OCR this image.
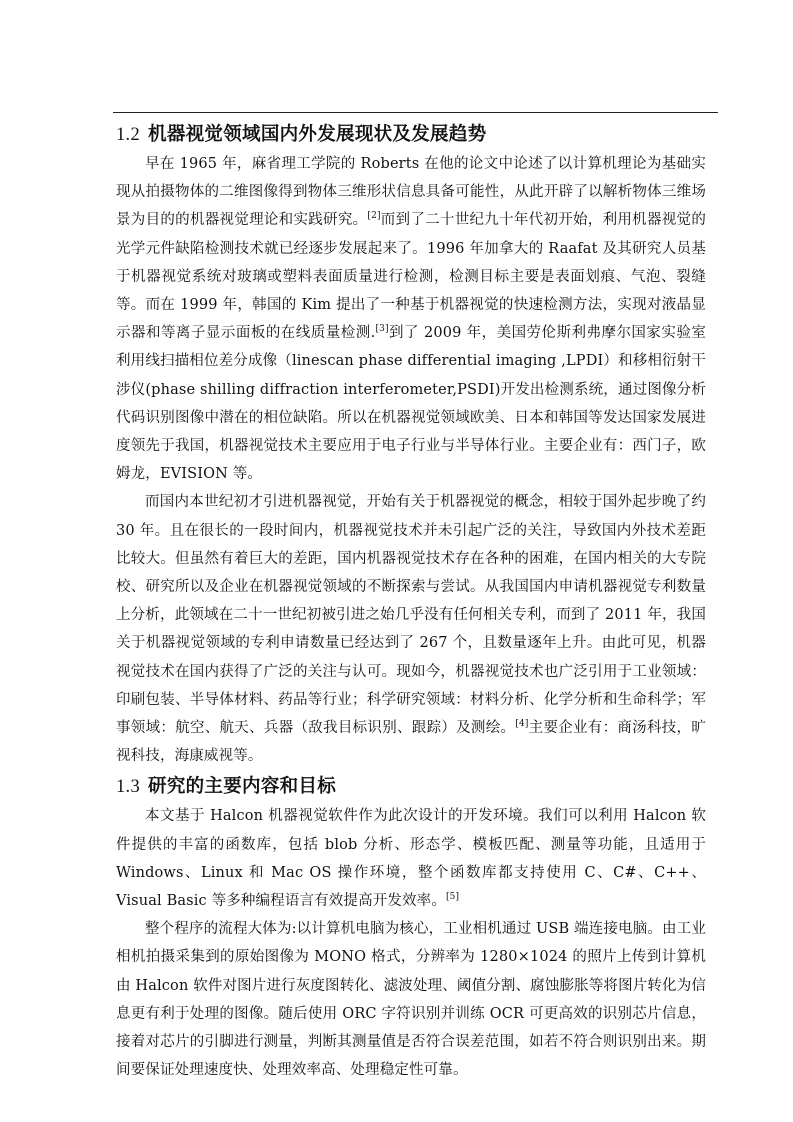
1.2 机器视觉领域国内外发展现状及发展趋势

早在 1965 年，麻省理工学院的 Roberts 在他的论文中论述了以计算机理论为基础实现从拍摄物体的二维图像得到物体三维形状信息具备可能性，从此开辟了以解析物体三维场景为目的的机器视觉理论和实践研究。[2]而到了二十世纪九十年代初开始，利用机器视觉的光学元件缺陷检测技术就已经逐步发展起来了。1996 年加拿大的 Raafat 及其研究人员基于机器视觉系统对玻璃或塑料表面质量进行检测，检测目标主要是表面划痕、气泡、裂缝等。而在 1999 年，韩国的 Kim 提出了一种基于机器视觉的快速检测方法，实现对液晶显示器和等离子显示面板的在线质量检测.[3]到了 2009 年，美国劳伦斯利弗摩尔国家实验室利用线扫描相位差分成像（linescan phase differential imaging ,LPDI）和移相衍射干涉仪(phase shilling diffraction interferometer,PSDI)开发出检测系统，通过图像分析代码识别图像中潜在的相位缺陷。所以在机器视觉领域欧美、日本和韩国等发达国家发展进度领先于我国，机器视觉技术主要应用于电子行业与半导体行业。主要企业有：西门子，欧姆龙，EVISION 等。

而国内本世纪初才引进机器视觉，开始有关于机器视觉的概念，相较于国外起步晚了约 30 年。且在很长的一段时间内，机器视觉技术并未引起广泛的关注，导致国内外技术差距比较大。但虽然有着巨大的差距，国内机器视觉技术存在各种的困难，在国内相关的大专院校、研究所以及企业在机器视觉领域的不断探索与尝试。从我国国内申请机器视觉专利数量上分析，此领域在二十一世纪初被引进之始几乎没有任何相关专利，而到了 2011 年，我国关于机器视觉领域的专利申请数量已经达到了 267 个，且数量逐年上升。由此可见，机器视觉技术在国内获得了广泛的关注与认可。现如今，机器视觉技术也广泛引用于工业领域：印刷包装、半导体材料、药品等行业；科学研究领域：材料分析、化学分析和生命科学；军事领域：航空、航天、兵器（敌我目标识别、跟踪）及测绘。[4]主要企业有：商汤科技，旷视科技，海康威视等。

1.3 研究的主要内容和目标

本文基于 Halcon 机器视觉软件作为此次设计的开发环境。我们可以利用 Halcon 软件提供的丰富的函数库，包括 blob 分析、形态学、模板匹配、测量等功能，且适用于 Windows、Linux 和 Mac OS 操作环境，整个函数库都支持使用 C、C#、C++、Visual Basic 等多种编程语言有效提高开发效率。[5]

整个程序的流程大体为:以计算机电脑为核心，工业相机通过 USB 端连接电脑。由工业相机拍摄采集到的原始图像为 MONO 格式，分辨率为 1280×1024 的照片上传到计算机由 Halcon 软件对图片进行灰度图转化、滤波处理、阈值分割、腐蚀膨胀等将图片转化为信息更有利于处理的图像。随后使用 ORC 字符识别并训练 OCR 可更高效的识别芯片信息，接着对芯片的引脚进行测量，判断其测量值是否符合误差范围，如若不符合则识别出来。期间要保证处理速度快、处理效率高、处理稳定性可靠。
